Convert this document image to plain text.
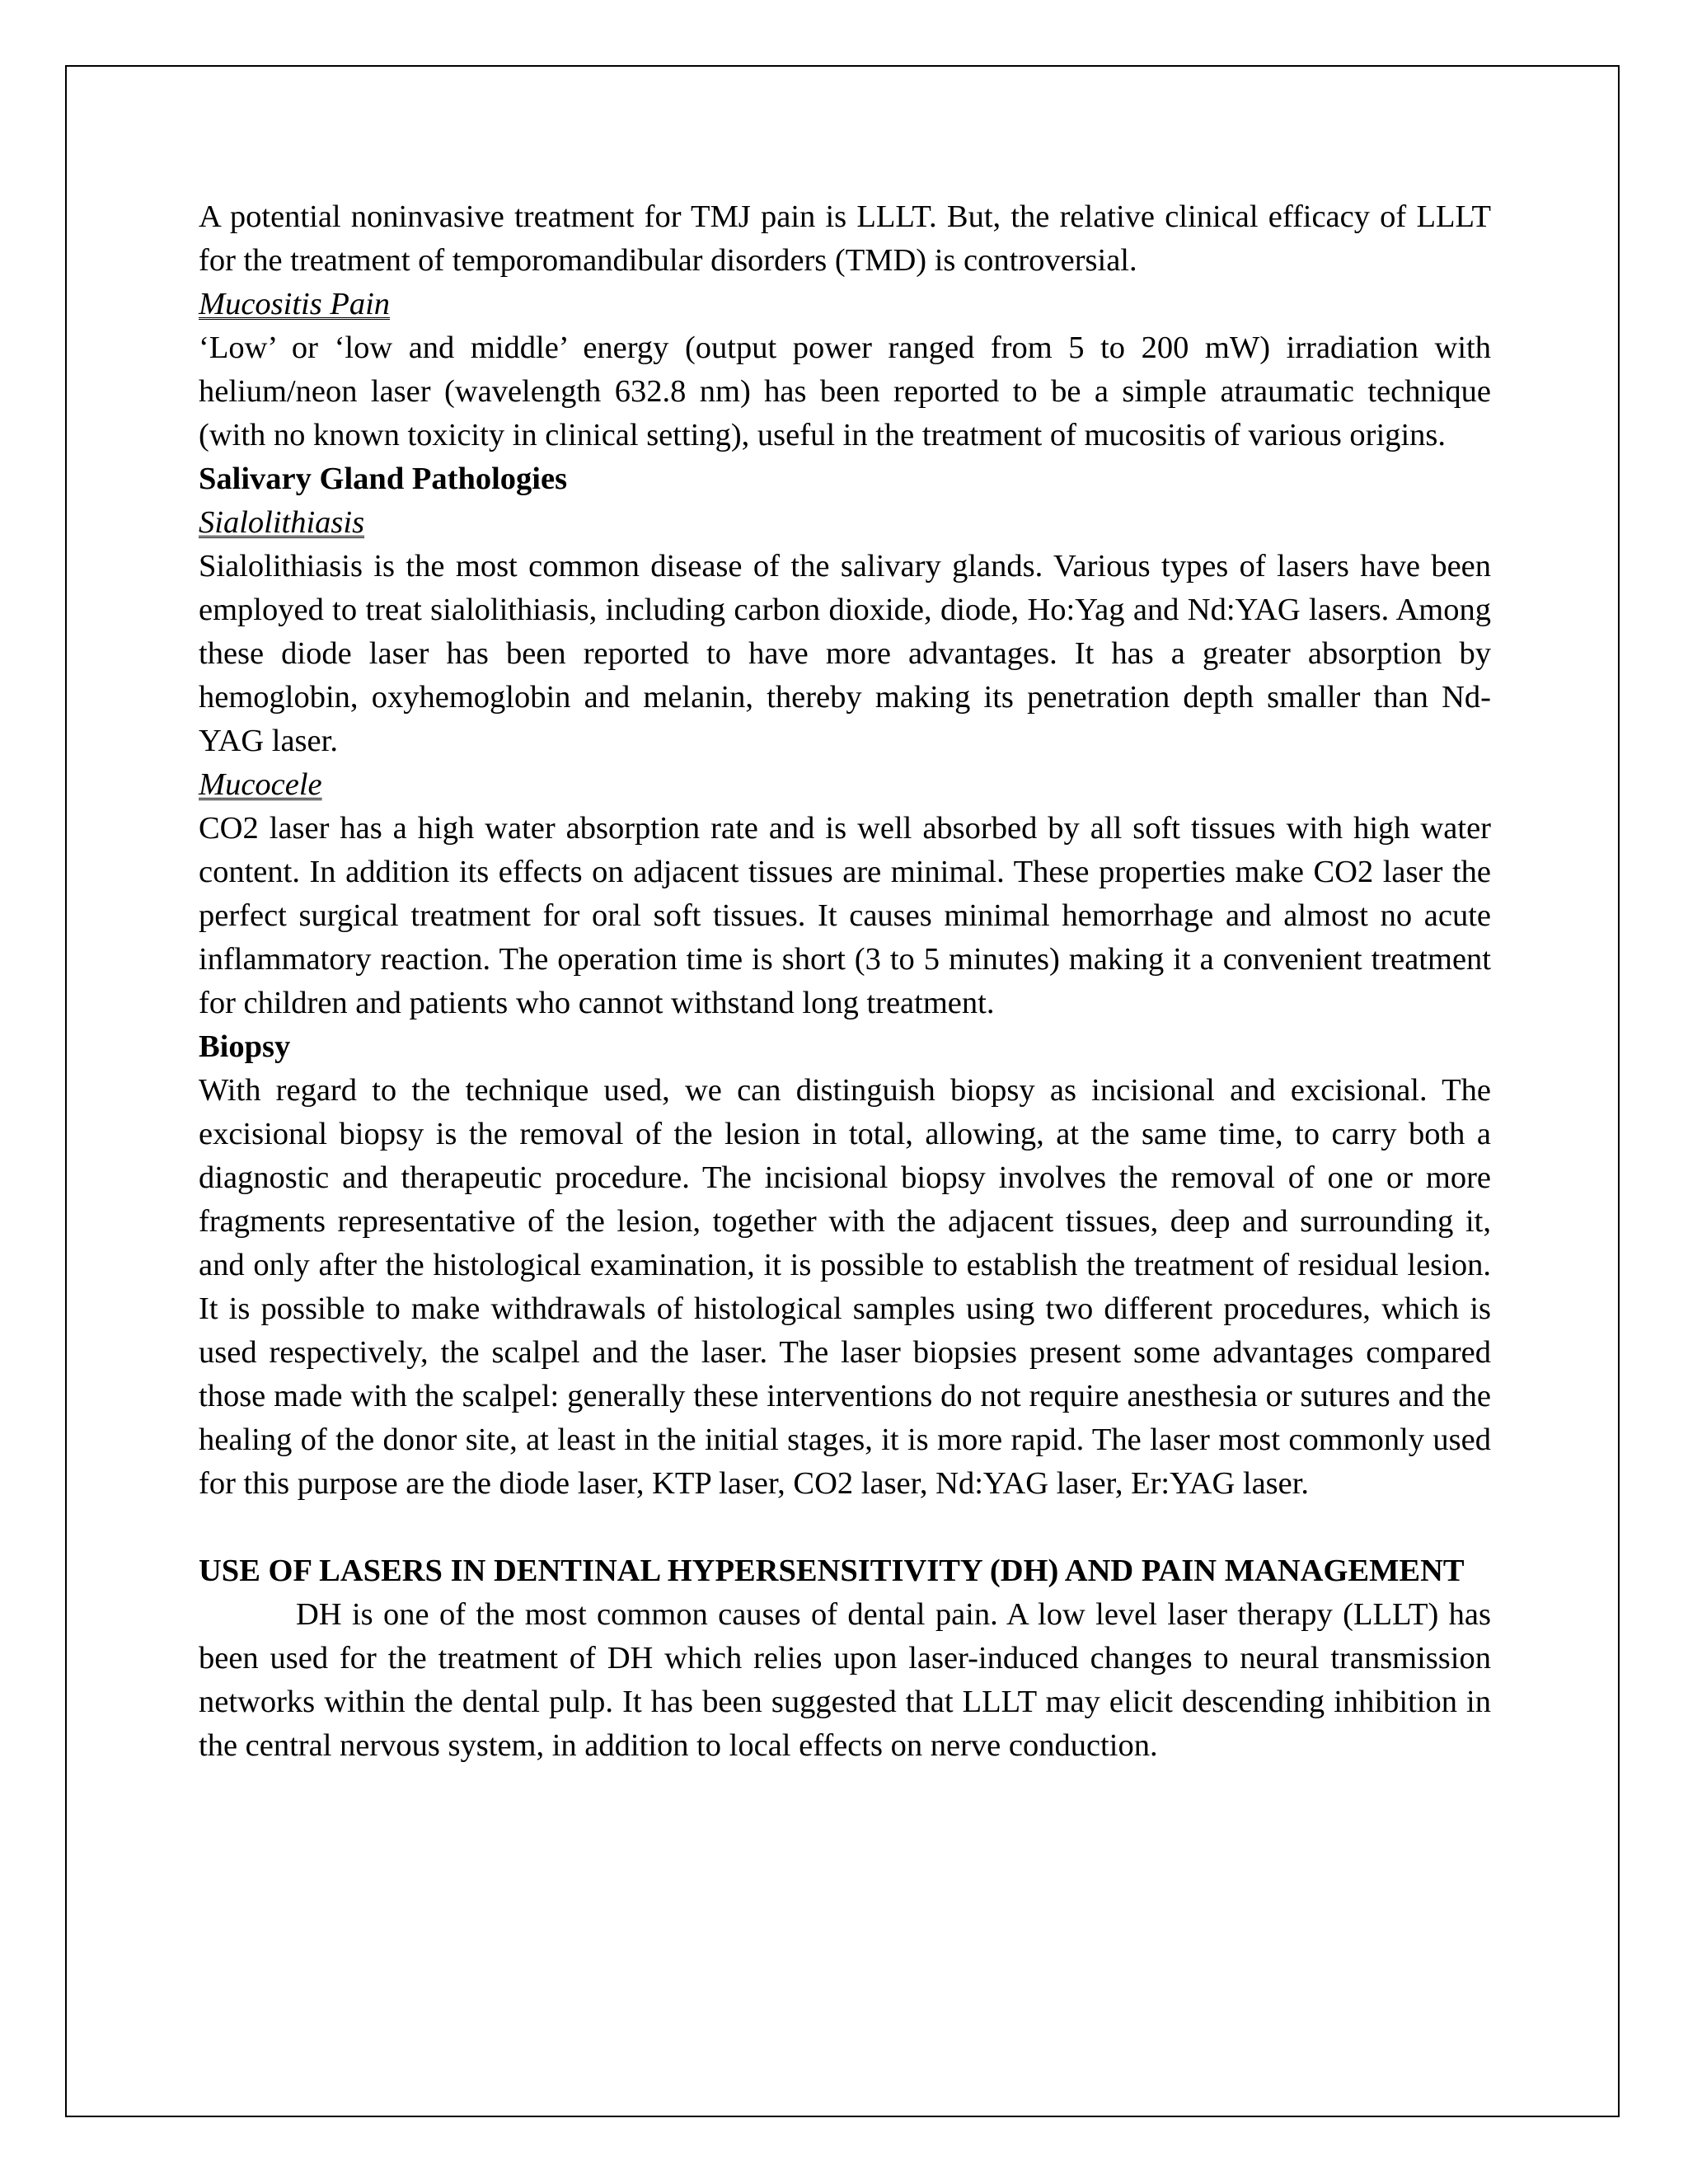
A potential noninvasive treatment for TMJ pain is LLLT. But, the relative clinical efficacy of LLLT for the treatment of temporomandibular disorders (TMD) is controversial.

Mucositis Pain

‘Low’ or ‘low and middle’ energy (output power ranged from 5 to 200 mW) irradiation with helium/neon laser (wavelength 632.8 nm) has been reported to be a simple atraumatic technique (with no known toxicity in clinical setting), useful in the treatment of mucositis of various origins.

Salivary Gland Pathologies

Sialolithiasis

Sialolithiasis is the most common disease of the salivary glands. Various types of lasers have been employed to treat sialolithiasis, including carbon dioxide, diode, Ho:Yag and Nd:YAG lasers. Among these diode laser has been reported to have more advantages. It has a greater absorption by hemoglobin, oxyhemoglobin and melanin, thereby making its penetration depth smaller than Nd-YAG laser.

Mucocele

CO2 laser has a high water absorption rate and is well absorbed by all soft tissues with high water content. In addition its effects on adjacent tissues are minimal. These properties make CO2 laser the perfect surgical treatment for oral soft tissues. It causes minimal hemorrhage and almost no acute inflammatory reaction. The operation time is short (3 to 5 minutes) making it a convenient treatment for children and patients who cannot withstand long treatment.

Biopsy

With regard to the technique used, we can distinguish biopsy as incisional and excisional. The excisional biopsy is the removal of the lesion in total, allowing, at the same time, to carry both a diagnostic and therapeutic procedure. The incisional biopsy involves the removal of one or more fragments representative of the lesion, together with the adjacent tissues, deep and surrounding it, and only after the histological examination, it is possible to establish the treatment of residual lesion. It is possible to make withdrawals of histological samples using two different procedures, which is used respectively, the scalpel and the laser. The laser biopsies present some advantages compared those made with the scalpel: generally these interventions do not require anesthesia or sutures and the healing of the donor site, at least in the initial stages, it is more rapid. The laser most commonly used for this purpose are the diode laser, KTP laser, CO2 laser, Nd:YAG laser, Er:YAG laser.

USE OF LASERS IN DENTINAL HYPERSENSITIVITY (DH) AND PAIN MANAGEMENT

DH is one of the most common causes of dental pain. A low level laser therapy (LLLT) has been used for the treatment of DH which relies upon laser-induced changes to neural transmission networks within the dental pulp. It has been suggested that LLLT may elicit descending inhibition in the central nervous system, in addition to local effects on nerve conduction.
